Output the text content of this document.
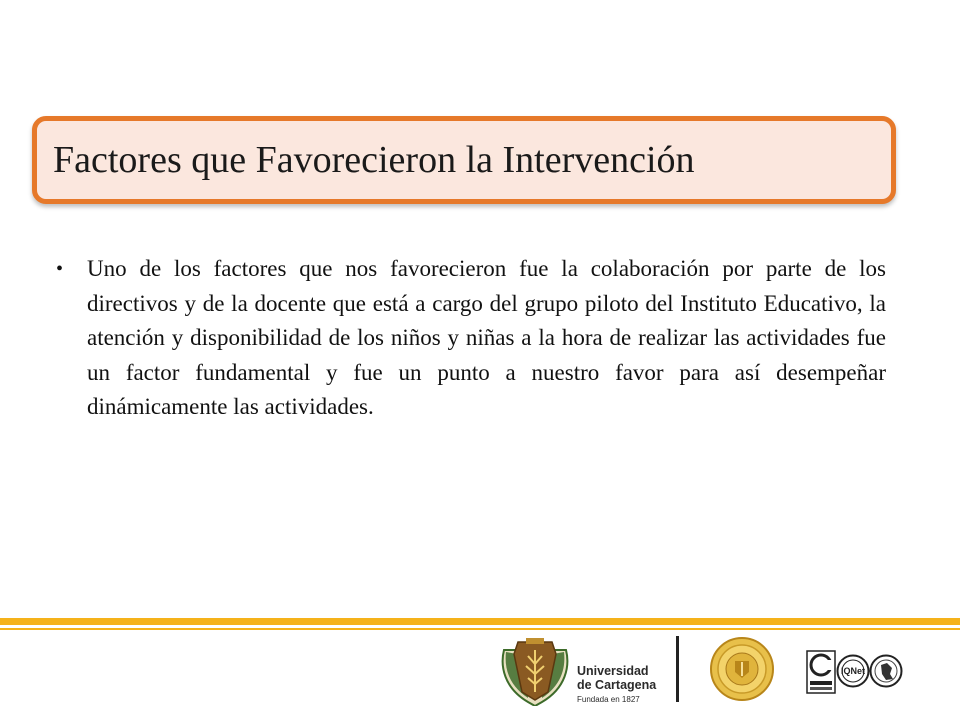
Factores que Favorecieron la Intervención
• Uno de los factores que nos favorecieron fue la colaboración por parte de los directivos y de la docente que está a cargo del grupo piloto del Instituto Educativo, la atención y disponibilidad de los niños y niñas a la hora de realizar las actividades fue un factor fundamental y fue un punto a nuestro favor para así desempeñar dinámicamente las actividades.
Universidad
de Cartagena
Fundada en 1827
IQNet
